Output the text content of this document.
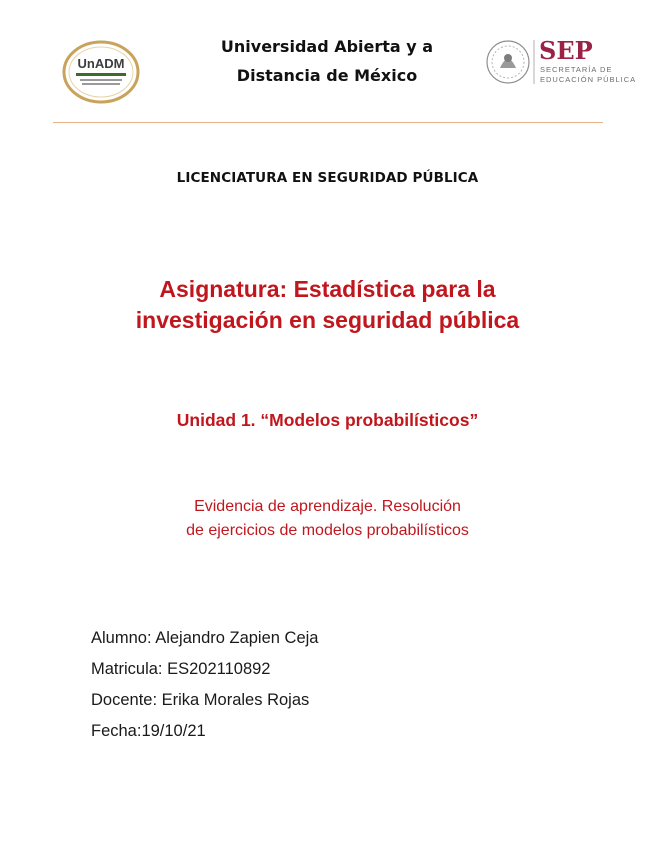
UnADM
Universidad Abierta y a
Distancia de México
SEP
SECRETARÍA DE
EDUCACIÓN PÚBLICA
LICENCIATURA EN SEGURIDAD PÚBLICA
Asignatura: Estadística para la
investigación en seguridad pública
Unidad 1. “Modelos probabilísticos”
Evidencia de aprendizaje. Resolución
de ejercicios de modelos probabilísticos
Alumno: Alejandro Zapien Ceja
Matricula: ES202110892
Docente: Erika Morales Rojas
Fecha:19/10/21
